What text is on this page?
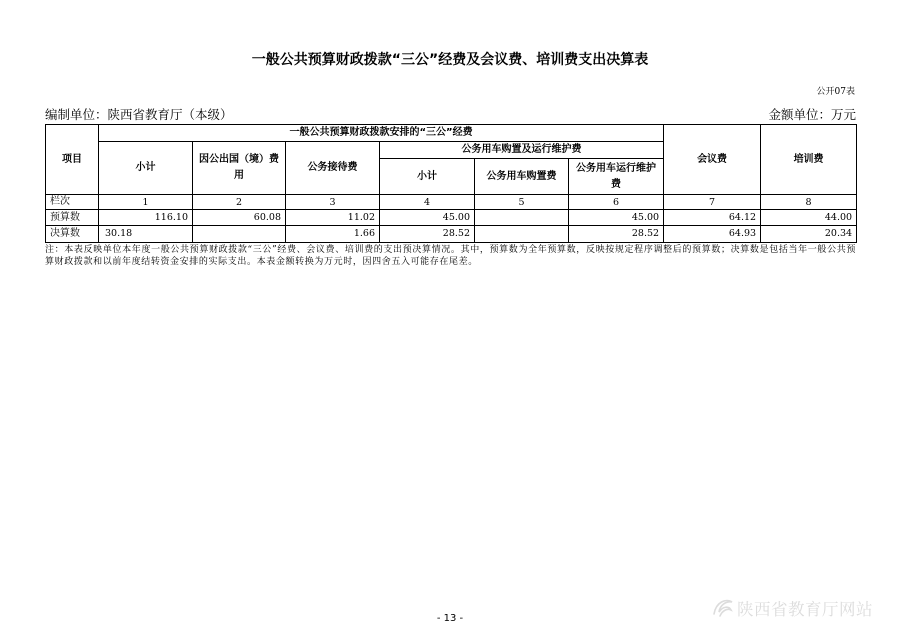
一般公共预算财政拨款“三公”经费及会议费、培训费支出决算表
公开07表
编制单位：陕西省教育厅（本级）	金额单位：万元
项目	一般公共预算财政拨款安排的“三公”经费						会议费	培训费
	小计	因公出国（境）费用	公务接待费	公务用车购置及运行维护费				
				小计	公务用车购置费	公务用车运行维护费		
栏次	1	2	3	4	5	6	7	8
预算数	116.10	60.08	11.02	45.00		45.00	64.12	44.00
决算数	30.18		1.66	28.52		28.52	64.93	20.34
注：本表反映单位本年度一般公共预算财政拨款“三公”经费、会议费、培训费的支出预决算情况。其中，预算数为全年预算数，反映按规定程序调整后的预算数；决算数是包括当年一般公共预算财政拨款和以前年度结转资金安排的实际支出。本表金额转换为万元时，因四舍五入可能存在尾差。
- 13 -	陕西省教育厅网站
